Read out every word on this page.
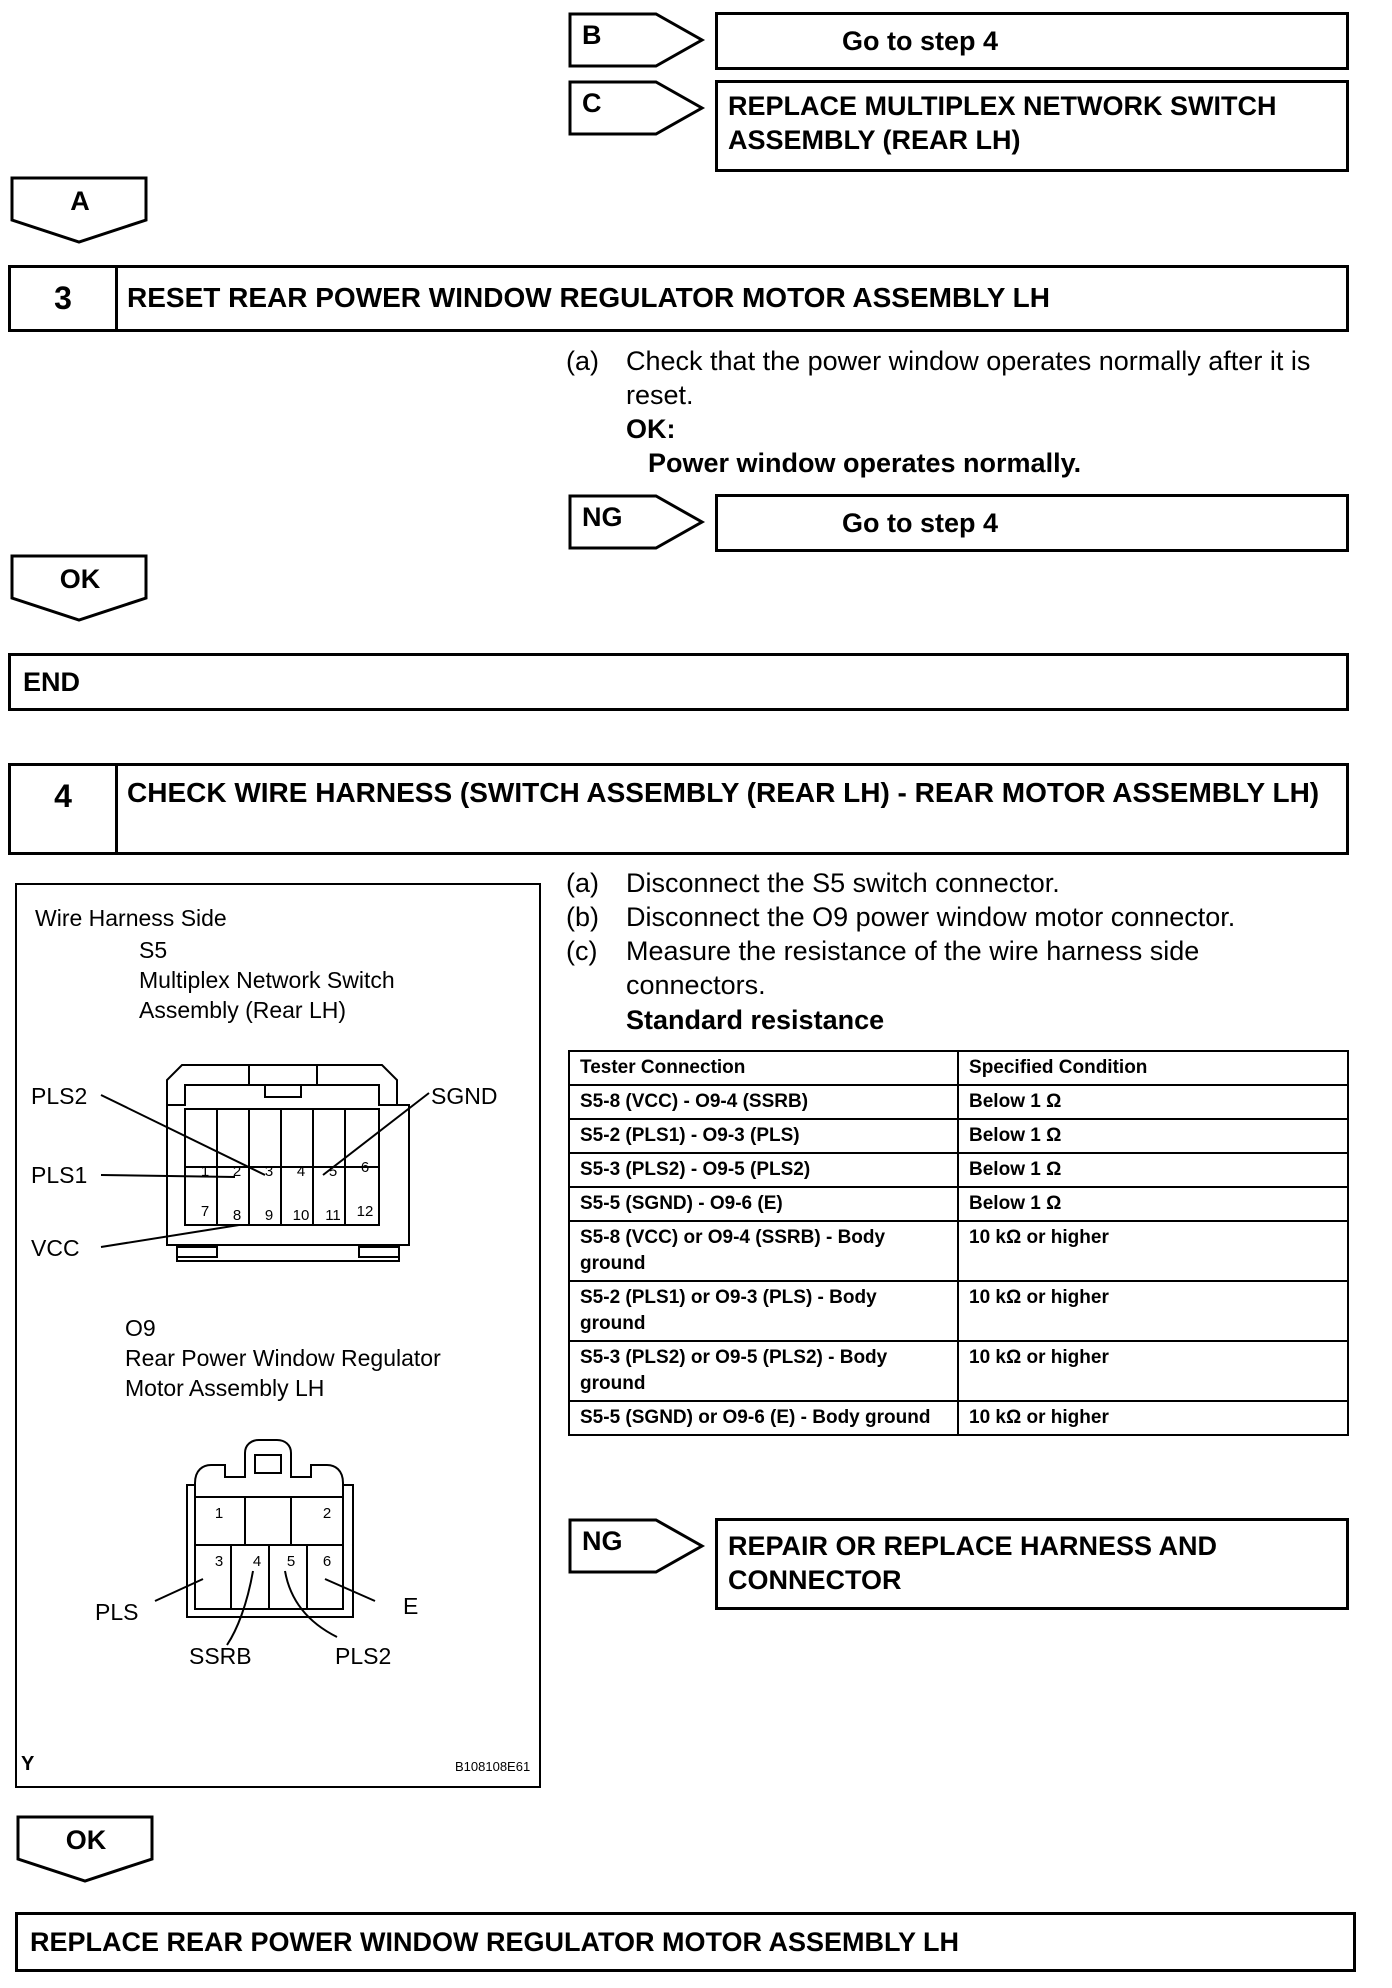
B	Go to step 4
C	REPLACE MULTIPLEX NETWORK SWITCH ASSEMBLY (REAR LH)
A
3	RESET REAR POWER WINDOW REGULATOR MOTOR ASSEMBLY LH
(a) Check that the power window operates normally after it is reset.
OK:
Power window operates normally.
NG	Go to step 4
OK
END
4	CHECK WIRE HARNESS (SWITCH ASSEMBLY (REAR LH) - REAR MOTOR ASSEMBLY LH)
(a) Disconnect the S5 switch connector.
(b) Disconnect the O9 power window motor connector.
(c) Measure the resistance of the wire harness side connectors.
Standard resistance
Tester Connection	Specified Condition
S5-8 (VCC) - O9-4 (SSRB)	Below 1 Ω
S5-2 (PLS1) - O9-3 (PLS)	Below 1 Ω
S5-3 (PLS2) - O9-5 (PLS2)	Below 1 Ω
S5-5 (SGND) - O9-6 (E)	Below 1 Ω
S5-8 (VCC) or O9-4 (SSRB) - Body ground	10 kΩ or higher
S5-2 (PLS1) or O9-3 (PLS) - Body ground	10 kΩ or higher
S5-3 (PLS2) or O9-5 (PLS2) - Body ground	10 kΩ or higher
S5-5 (SGND) or O9-6 (E) - Body ground	10 kΩ or higher
NG	REPAIR OR REPLACE HARNESS AND CONNECTOR
Wire Harness Side
S5
Multiplex Network Switch
Assembly (Rear LH)
1	2	3	4	5	6
7	8	9	10	11	12
PLS2
PLS1
VCC
SGND
O9
Rear Power Window Regulator
Motor Assembly LH
1	2
3	4	5	6
PLS
SSRB	PLS2
E
Y	B108108E61
OK
REPLACE REAR POWER WINDOW REGULATOR MOTOR ASSEMBLY LH
